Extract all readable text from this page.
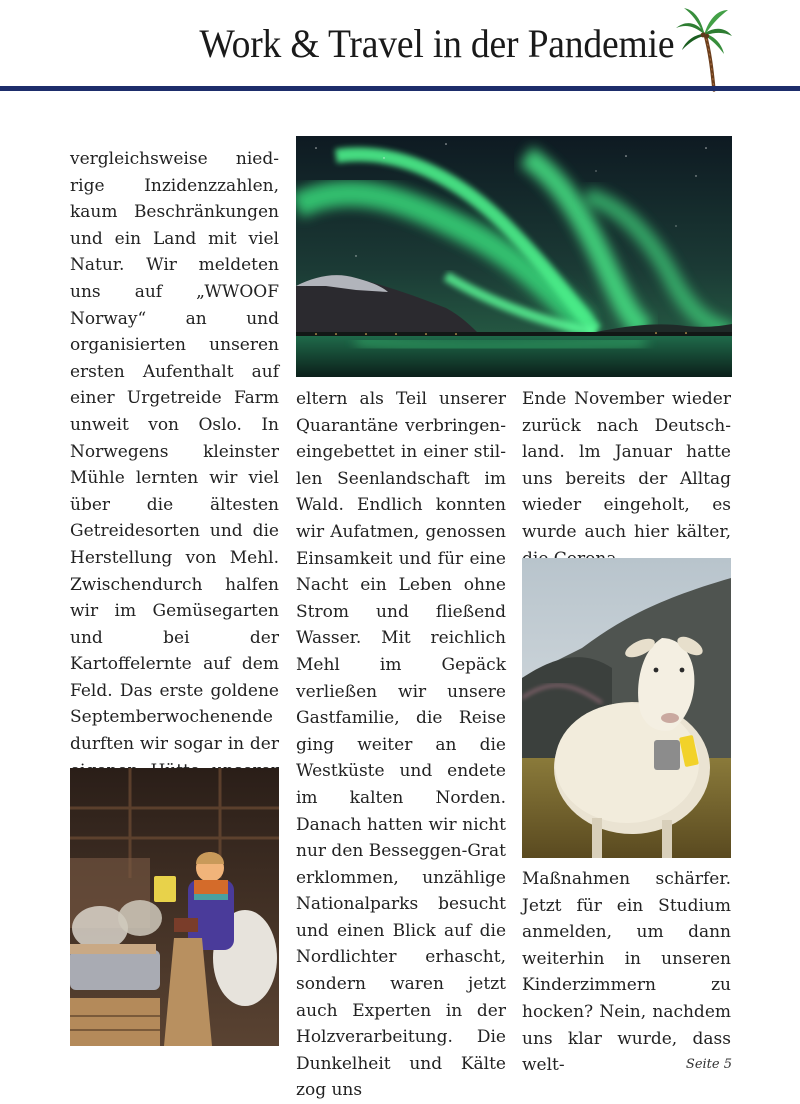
Work & Travel in der Pandemie

vergleichsweise niedrige Inzidenzzahlen, kaum Beschränkungen und ein Land mit viel Natur. Wir meldeten uns auf „WWOOF Norway“ an und organisierten unseren ersten Aufenthalt auf einer Urgetreide Farm unweit von Oslo. In Norwegens kleinster Mühle lernten wir viel über die ältesten Getreidesorten und die Herstellung von Mehl. Zwischendurch halfen wir im Gemüsegarten und bei der Kartoffelernte auf dem Feld. Das erste goldene Septemberwochenende durften wir sogar in der

eltern als Teil unserer Quarantäne verbringen- eingebettet in einer stillen Seenlandschaft im Wald. Endlich konnten wir Aufatmen, genossen Einsamkeit und für eine Nacht ein Leben ohne Strom und fließend Wasser. Mit reichlich Mehl im Gepäck verließen wir unsere Gastfamilie, die Reise ging weiter an die Westküste und endete im kalten Norden. Danach hatten wir nicht nur den Besseggen-Grat erklommen, unzählige Nationalparks besucht und einen Blick auf die Nordlichter erhascht, sondern waren jetzt auch Experten in der Holzverarbeitung. Die Dunkelheit und Kälte zog uns

Ende November wieder zurück nach Deutschland. lm Januar hatte uns bereits der Alltag wieder eingeholt, es wurde auch hier kälter,

Maßnahmen schärfer. Jetzt für ein Studium anmelden, um dann weiterhin in unseren Kinderzimmern zu hocken? Nein, nachdem uns klar wurde, dass welt-	Seite 5
